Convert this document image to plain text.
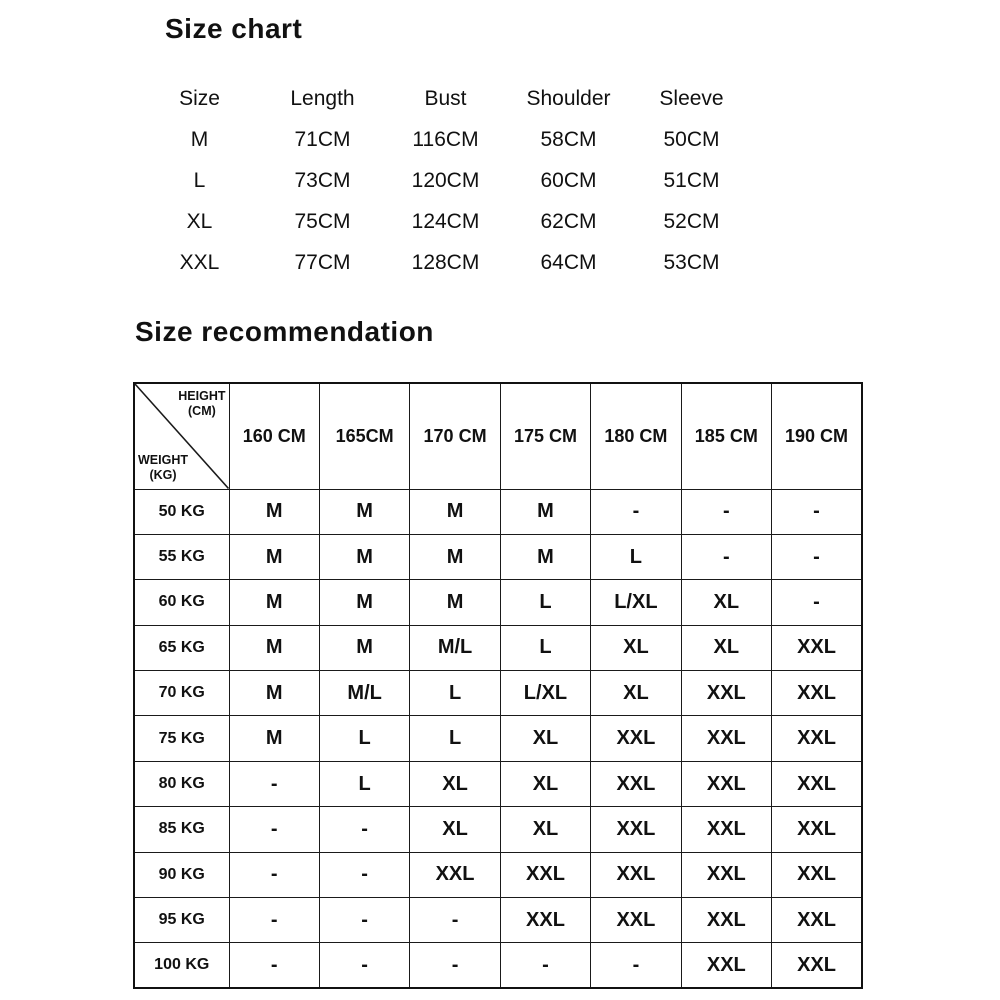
Size chart
Size	Length	Bust	Shoulder	Sleeve
M	71CM	116CM	58CM	50CM
L	73CM	120CM	60CM	51CM
XL	75CM	124CM	62CM	52CM
XXL	77CM	128CM	64CM	53CM
Size recommendation
HEIGHT
(CM)
WEIGHT
(KG)	160 CM	165CM	170 CM	175 CM	180 CM	185 CM	190 CM
50 KG	M	M	M	M	-	-	-
55 KG	M	M	M	M	L	-	-
60 KG	M	M	M	L	L/XL	XL	-
65 KG	M	M	M/L	L	XL	XL	XXL
70 KG	M	M/L	L	L/XL	XL	XXL	XXL
75 KG	M	L	L	XL	XXL	XXL	XXL
80 KG	-	L	XL	XL	XXL	XXL	XXL
85 KG	-	-	XL	XL	XXL	XXL	XXL
90 KG	-	-	XXL	XXL	XXL	XXL	XXL
95 KG	-	-	-	XXL	XXL	XXL	XXL
100 KG	-	-	-	-	-	XXL	XXL
